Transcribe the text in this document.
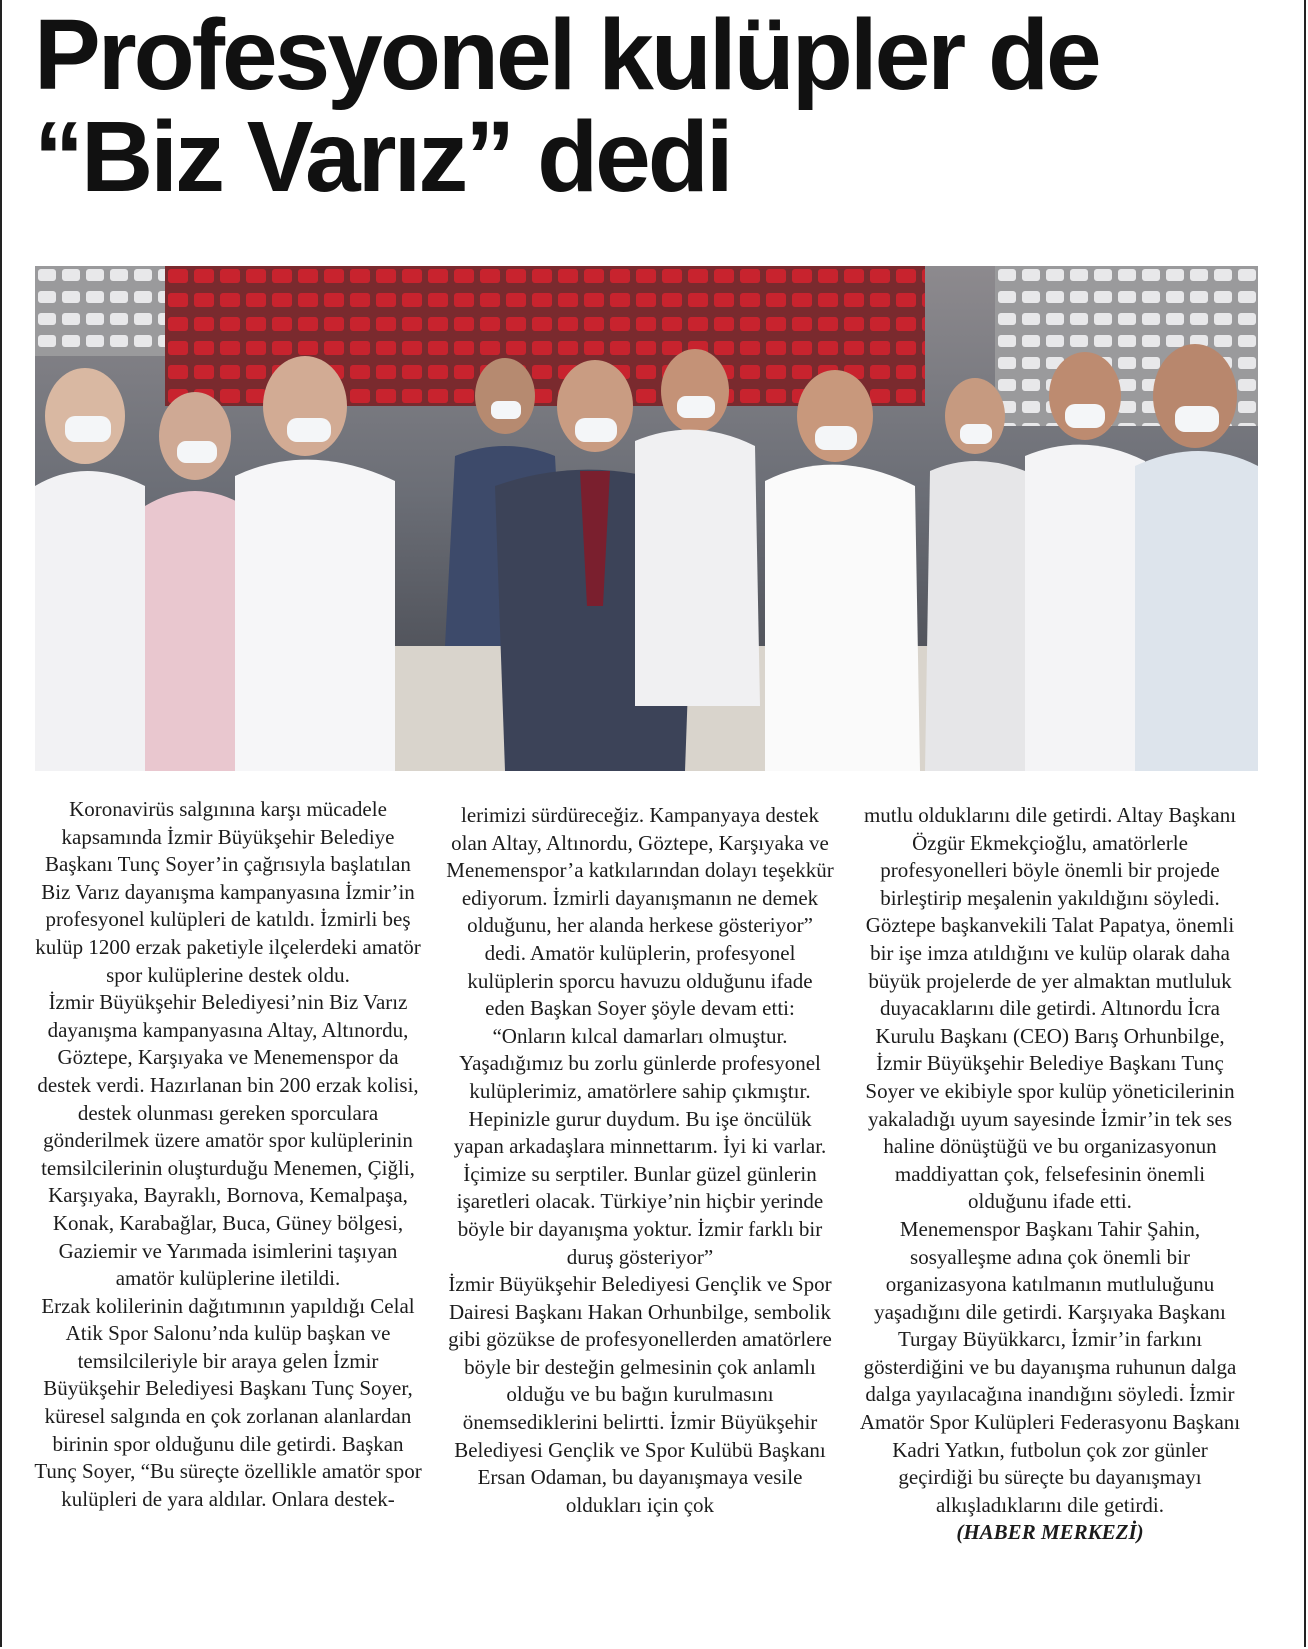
Profesyonel kulüpler de
“Biz Varız” dedi
Koronavirüs salgınına karşı mücadele kapsamında İzmir Büyükşehir Belediye Başkanı Tunç Soyer’in çağrısıyla başlatılan Biz Varız dayanışma kampanyasına İzmir’in profesyonel kulüpleri de katıldı. İzmirli beş kulüp 1200 erzak paketiyle ilçelerdeki amatör spor kulüplerine destek oldu.
İzmir Büyükşehir Belediyesi’nin Biz Varız dayanışma kampanyasına Altay, Altınordu, Göztepe, Karşıyaka ve Menemenspor da destek verdi. Hazırlanan bin 200 erzak kolisi, destek olunması gereken sporculara gönderilmek üzere amatör spor kulüplerinin temsilcilerinin oluşturduğu Menemen, Çiğli, Karşıyaka, Bayraklı, Bornova, Kemalpaşa, Konak, Karabağlar, Buca, Güney bölgesi, Gaziemir ve Yarımada isimlerini taşıyan amatör kulüplerine iletildi.
Erzak kolilerinin dağıtımının yapıldığı Celal Atik Spor Salonu’nda kulüp başkan ve temsilcileriyle bir araya gelen İzmir Büyükşehir Belediyesi Başkanı Tunç Soyer, küresel salgında en çok zorlanan alanlardan birinin spor olduğunu dile getirdi. Başkan Tunç Soyer, “Bu süreçte özellikle amatör spor kulüpleri de yara aldılar. Onlara destek-
lerimizi sürdüreceğiz. Kampanyaya destek olan Altay, Altınordu, Göztepe, Karşıyaka ve Menemenspor’a katkılarından dolayı teşekkür ediyorum. İzmirli dayanışmanın ne demek olduğunu, her alanda herkese gösteriyor” dedi. Amatör kulüplerin, profesyonel kulüplerin sporcu havuzu olduğunu ifade eden Başkan Soyer şöyle devam etti: “Onların kılcal damarları olmuştur. Yaşadığımız bu zorlu günlerde profesyonel kulüplerimiz, amatörlere sahip çıkmıştır.
Hepinizle gurur duydum. Bu işe öncülük yapan arkadaşlara minnettarım. İyi ki varlar. İçimize su serptiler. Bunlar güzel günlerin işaretleri olacak. Türkiye’nin hiçbir yerinde böyle bir dayanışma yoktur. İzmir farklı bir duruş gösteriyor”
İzmir Büyükşehir Belediyesi Gençlik ve Spor Dairesi Başkanı Hakan Orhunbilge, sembolik gibi gözükse de profesyonellerden amatörlere böyle bir desteğin gelmesinin çok anlamlı olduğu ve bu bağın kurulmasını önemsediklerini belirtti. İzmir Büyükşehir Belediyesi Gençlik ve Spor Kulübü Başkanı Ersan Odaman, bu dayanışmaya vesile oldukları için çok
mutlu olduklarını dile getirdi. Altay Başkanı Özgür Ekmekçioğlu, amatörlerle profesyonelleri böyle önemli bir projede birleştirip meşalenin yakıldığını söyledi. Göztepe başkanvekili Talat Papatya, önemli bir işe imza atıldığını ve kulüp olarak daha büyük projelerde de yer almaktan mutluluk duyacaklarını dile getirdi. Altınordu İcra Kurulu Başkanı (CEO) Barış Orhunbilge, İzmir Büyükşehir Belediye Başkanı Tunç Soyer ve ekibiyle spor kulüp yöneticilerinin yakaladığı uyum sayesinde İzmir’in tek ses haline dönüştüğü ve bu organizasyonun maddiyattan çok, felsefesinin önemli olduğunu ifade etti.
Menemenspor Başkanı Tahir Şahin, sosyalleşme adına çok önemli bir organizasyona katılmanın mutluluğunu yaşadığını dile getirdi. Karşıyaka Başkanı Turgay Büyükkarcı, İzmir’in farkını gösterdiğini ve bu dayanışma ruhunun dalga dalga yayılacağına inandığını söyledi. İzmir Amatör Spor Kulüpleri Federasyonu Başkanı Kadri Yatkın, futbolun çok zor günler geçirdiği bu süreçte bu dayanışmayı alkışladıklarını dile getirdi.
(HABER MERKEZİ)
